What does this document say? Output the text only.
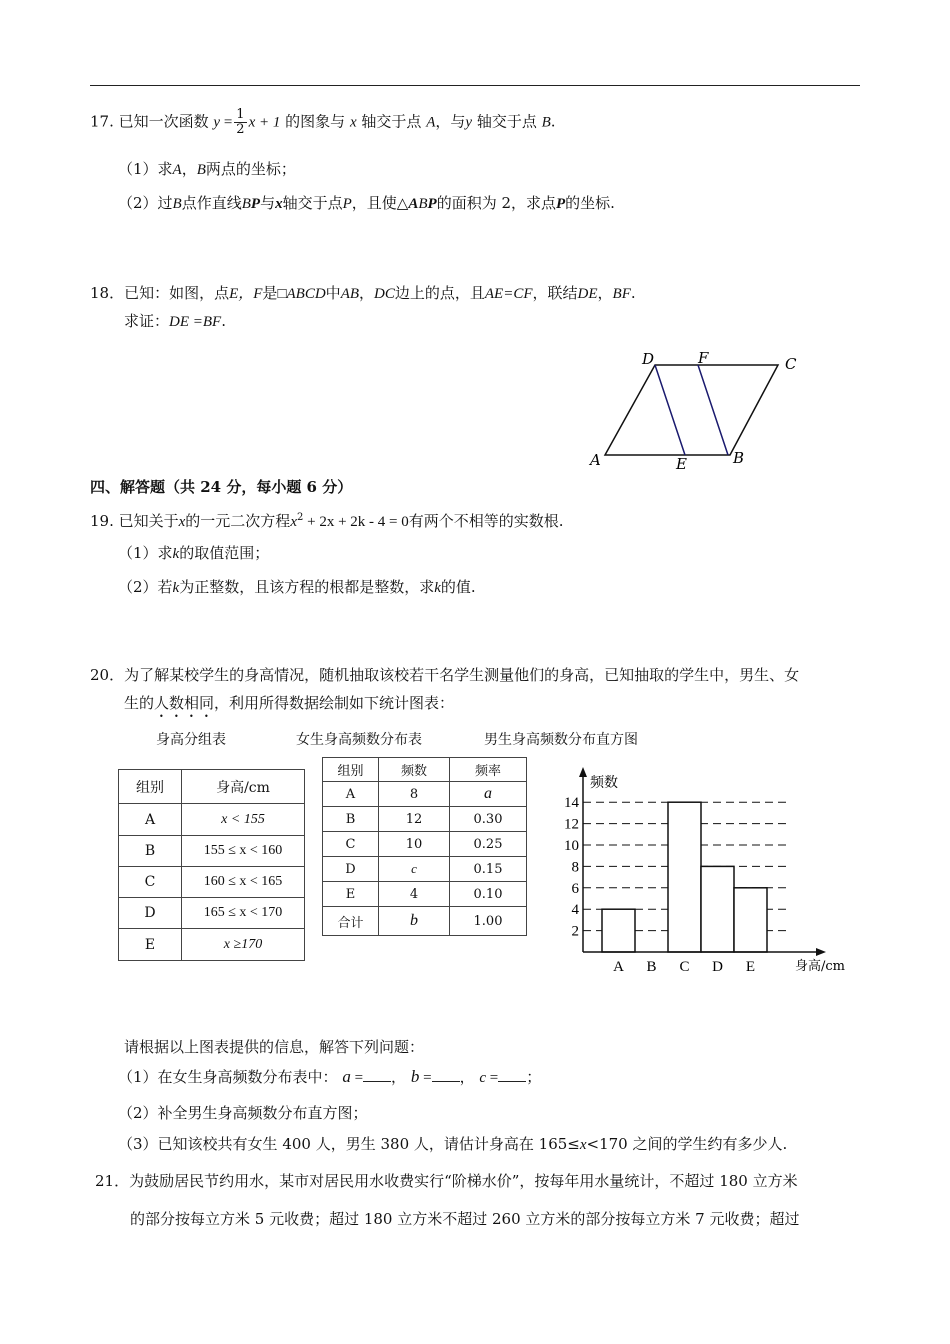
17. 已知一次函数 $y = \frac{1}{2}$ x + 1 的图象与 x 轴交于点 A，与y 轴交于点 B.
（1）求A，B两点的坐标；
（2）过B点作直线BP与x轴交于点P，且使△ABP的面积为 2，求点P的坐标.
18．已知：如图，点E，F是□ABCD中AB，DC边上的点，且AE=CF，联结DE，BF.
求证：DE =BF.
D	F	C
A	E	B
四、解答题（共 24 分，每小题 6 分）
19. 已知关于x的一元二次方程$x^2 + 2x + 2k - 4 = 0$有两个不相等的实数根.
（1）求k的取值范围；
（2）若k为正整数，且该方程的根都是整数，求k的值.
20．为了解某校学生的身高情况，随机抽取该校若干名学生测量他们的身高，已知抽取的学生中，男生、女
生的人数相同，利用所得数据绘制如下统计图表：
身高分组表	女生身高频数分布表	男生身高频数分布直方图
组别	身高/cm
A	x < 155
B	155 ≤ x < 160
C	160 ≤ x < 165
D	165 ≤ x < 170
E	x ≥170
组别	频数	频率
A	8	a
B	12	0.30
C	10	0.25
D	c	0.15
E	4	0.10
合计	b	1.00
2
4
6
8
10
12
14
A B C D E
频数
身高/cm
请根据以上图表提供的信息，解答下列问题：
（1）在女生身高频数分布表中： a = ， b = ， c = ；
（2）补全男生身高频数分布直方图；
（3）已知该校共有女生 400 人，男生 380 人，请估计身高在 165≤x<170 之间的学生约有多少人.
21．为鼓励居民节约用水，某市对居民用水收费实行“阶梯水价”，按每年用水量统计，不超过 180 立方米
的部分按每立方米 5 元收费；超过 180 立方米不超过 260 立方米的部分按每立方米 7 元收费；超过
